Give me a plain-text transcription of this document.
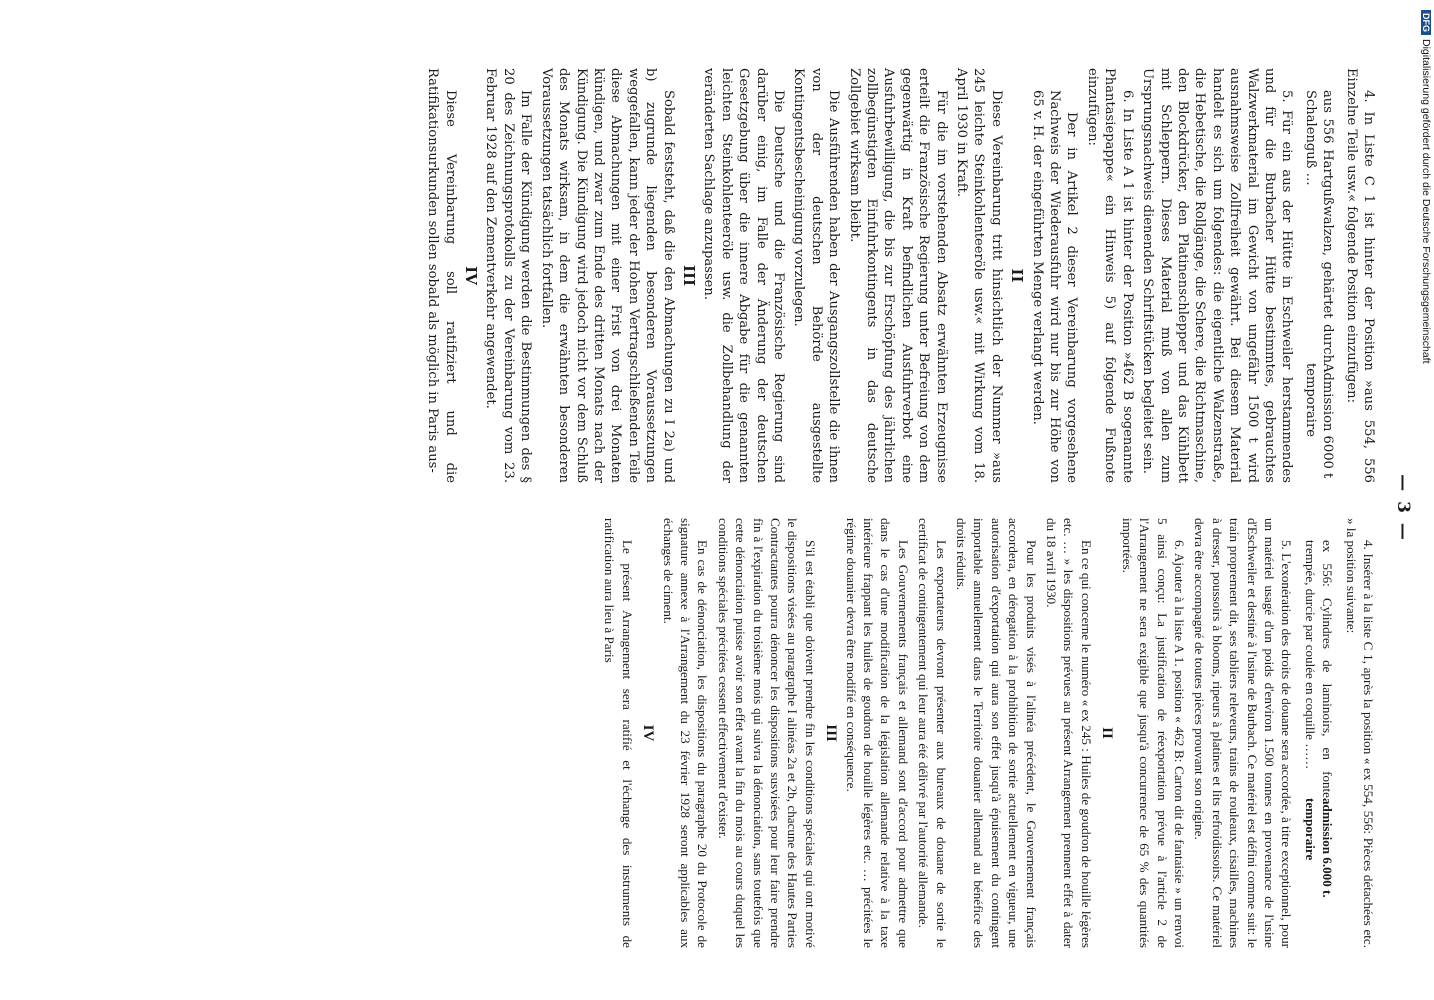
— 3 —

4. In Liste C 1 ist hinter der Position »aus 554, 556 Einzelne Teile usw.« folgende Position einzufügen:

aus 556 Hartgußwalzen, gehärtet durch Schalenguß …
Admission 6000 t temporaire

5. Für ein aus der Hütte in Eschweiler herstammendes und für die Burbacher Hütte bestimmtes, gebrauchtes Walzwerkmaterial im Gewicht von ungefähr 1500 t wird ausnahmsweise Zollfreiheit gewährt. Bei diesem Material handelt es sich um folgendes: die eigentliche Walzenstraße, die Hebetische, die Rollgänge, die Schere, die Richtmaschine, den Blockdrücker, den Platinenschlepper und das Kühlbett mit Schleppern. Dieses Material muß von allen zum Ursprungsnachweis dienenden Schriftstücken begleitet sein.

6. In Liste A 1 ist hinter der Position »462 B sogenannte Phantasiepappe« ein Hinweis 5) auf folgende Fußnote einzufügen:

Der in Artikel 2 dieser Vereinbarung vorgesehene Nachweis der Wiederausfuhr wird nur bis zur Höhe von 65 v. H. der eingeführten Menge verlangt werden.

II

Diese Vereinbarung tritt hinsichtlich der Nummer »aus 245 leichte Steinkohlenteeröle usw.« mit Wirkung vom 18. April 1930 in Kraft.

Für die im vorstehenden Absatz erwähnten Erzeugnisse erteilt die Französische Regierung unter Befreiung von dem gegenwärtig in Kraft befindlichen Ausfuhrverbot eine Ausfuhrbewilligung, die bis zur Erschöpfung des jährlichen zollbegünstigten Einfuhrkontingents in das deutsche Zollgebiet wirksam bleibt.

Die Ausführenden haben der Ausgangszollstelle die ihnen von der deutschen Behörde ausgestellte Kontingentsbescheinigung vorzulegen.

Die Deutsche und die Französische Regierung sind darüber einig, im Falle der Änderung der deutschen Gesetzgebung über die innere Abgabe für die genannten leichten Steinkohlenteeröle usw. die Zollbehandlung der veränderten Sachlage anzupassen.

III

Sobald feststeht, daß die den Abmachungen zu I 2a) und b) zugrunde liegenden besonderen Voraussetzungen weggefallen, kann jeder der Hohen Vertragschließenden Teile diese Abmachungen mit einer Frist von drei Monaten kündigen, und zwar zum Ende des dritten Monats nach der Kündigung. Die Kündigung wird jedoch nicht vor dem Schluß des Monats wirksam, in dem die erwähnten besonderen Voraussetzungen tatsächlich fortfallen.

Im Falle der Kündigung werden die Bestimmungen des § 20 des Zeichnungsprotokolls zu der Vereinbarung vom 23. Februar 1928 auf den Zementverkehr angewendet.

IV

Diese Vereinbarung soll ratifiziert und die Ratifikationsurkunden sollen sobald als möglich in Paris aus-

4. Insérer à la liste C 1, après la position « ex 554, 556: Pièces détachées etc. » la position suivante:

ex 556: Cylindres de laminoirs, en fonte trempée, durcie par coulée en coquille ……
admission 6.000 t. temporaire

5. L'exonération des droits de douane sera accordée, à titre exceptionnel, pour un matériel usagé d'un poids d'environ 1.500 tonnes en provenance de l'usine d'Eschweiler et destiné à l'usine de Burbach. Ce matériel est défini comme suit: le train proprement dit, ses tabliers releveurs, trains de rouleaux, cisailles, machines à dresser, poussoirs à blooms, ripeurs à platines et lits refroidissoirs. Ce matériel devra être accompagné de toutes pièces prouvant son origine.

6. Ajouter à la liste A 1. position « 462 B: Carton dit de fantaisie » un renvoi 5 ainsi conçu: La justification de réexportation prévue à l'article 2 de l'Arrangement ne sera exigible que jusqu'à concurrence de 65 % des quantités importées.

II

En ce qui concerne le numéro « ex 245 : Huiles de goudron de houille légères etc. … » les dispositions prévues au présent Arrangement prennent effet à dater du 18 avril 1930.

Pour les produits visés à l'alinéa précédent, le Gouvernement français accordera, en dérogation à la prohibition de sortie actuellement en vigueur, une autorisation d'exportation qui aura son effet jusqu'à épuisement du contingent importable annuellement dans le Territoire douanier allemand au bénéfice des droits réduits.

Les exportateurs devront présenter aux bureaux de douane de sortie le certificat de contingentement qui leur aura été délivré par l'autorité allemande.

Les Gouvernements français et allemand sont d'accord pour admettre que dans le cas d'une modification de la législation allemande relative à la taxe intérieure frappant les huiles de goudron de houille légères etc. … précitées le régime douanier devra être modifié en conséquence.

III

S'il est établi que doivent prendre fin les conditions spéciales qui ont motivé le dispositions visées au paragraphe I alinéas 2a et 2b, chacune des Hautes Parties Contractantes pourra dénoncer les dispositions susvisées pour leur faire prendre fin à l'expiration du troisième mois qui suivra la dénonciation, sans toutefois que cette dénonciation puisse avoir son effet avant la fin du mois au cours duquel les conditions spéciales précitées cessent effectivement d'exister.

En cas de dénonciation, les dispositions du paragraphe 20 du Protocole de signature annexe à l'Arrangement du 23 février 1928 seront applicables aux échanges de ciment.

IV

Le présent Arrangement sera ratifié et l'échange des instruments de ratification aura lieu à Paris

DFGDigitalisierung gefördert durch die Deutsche Forschungsgemeinschaft
